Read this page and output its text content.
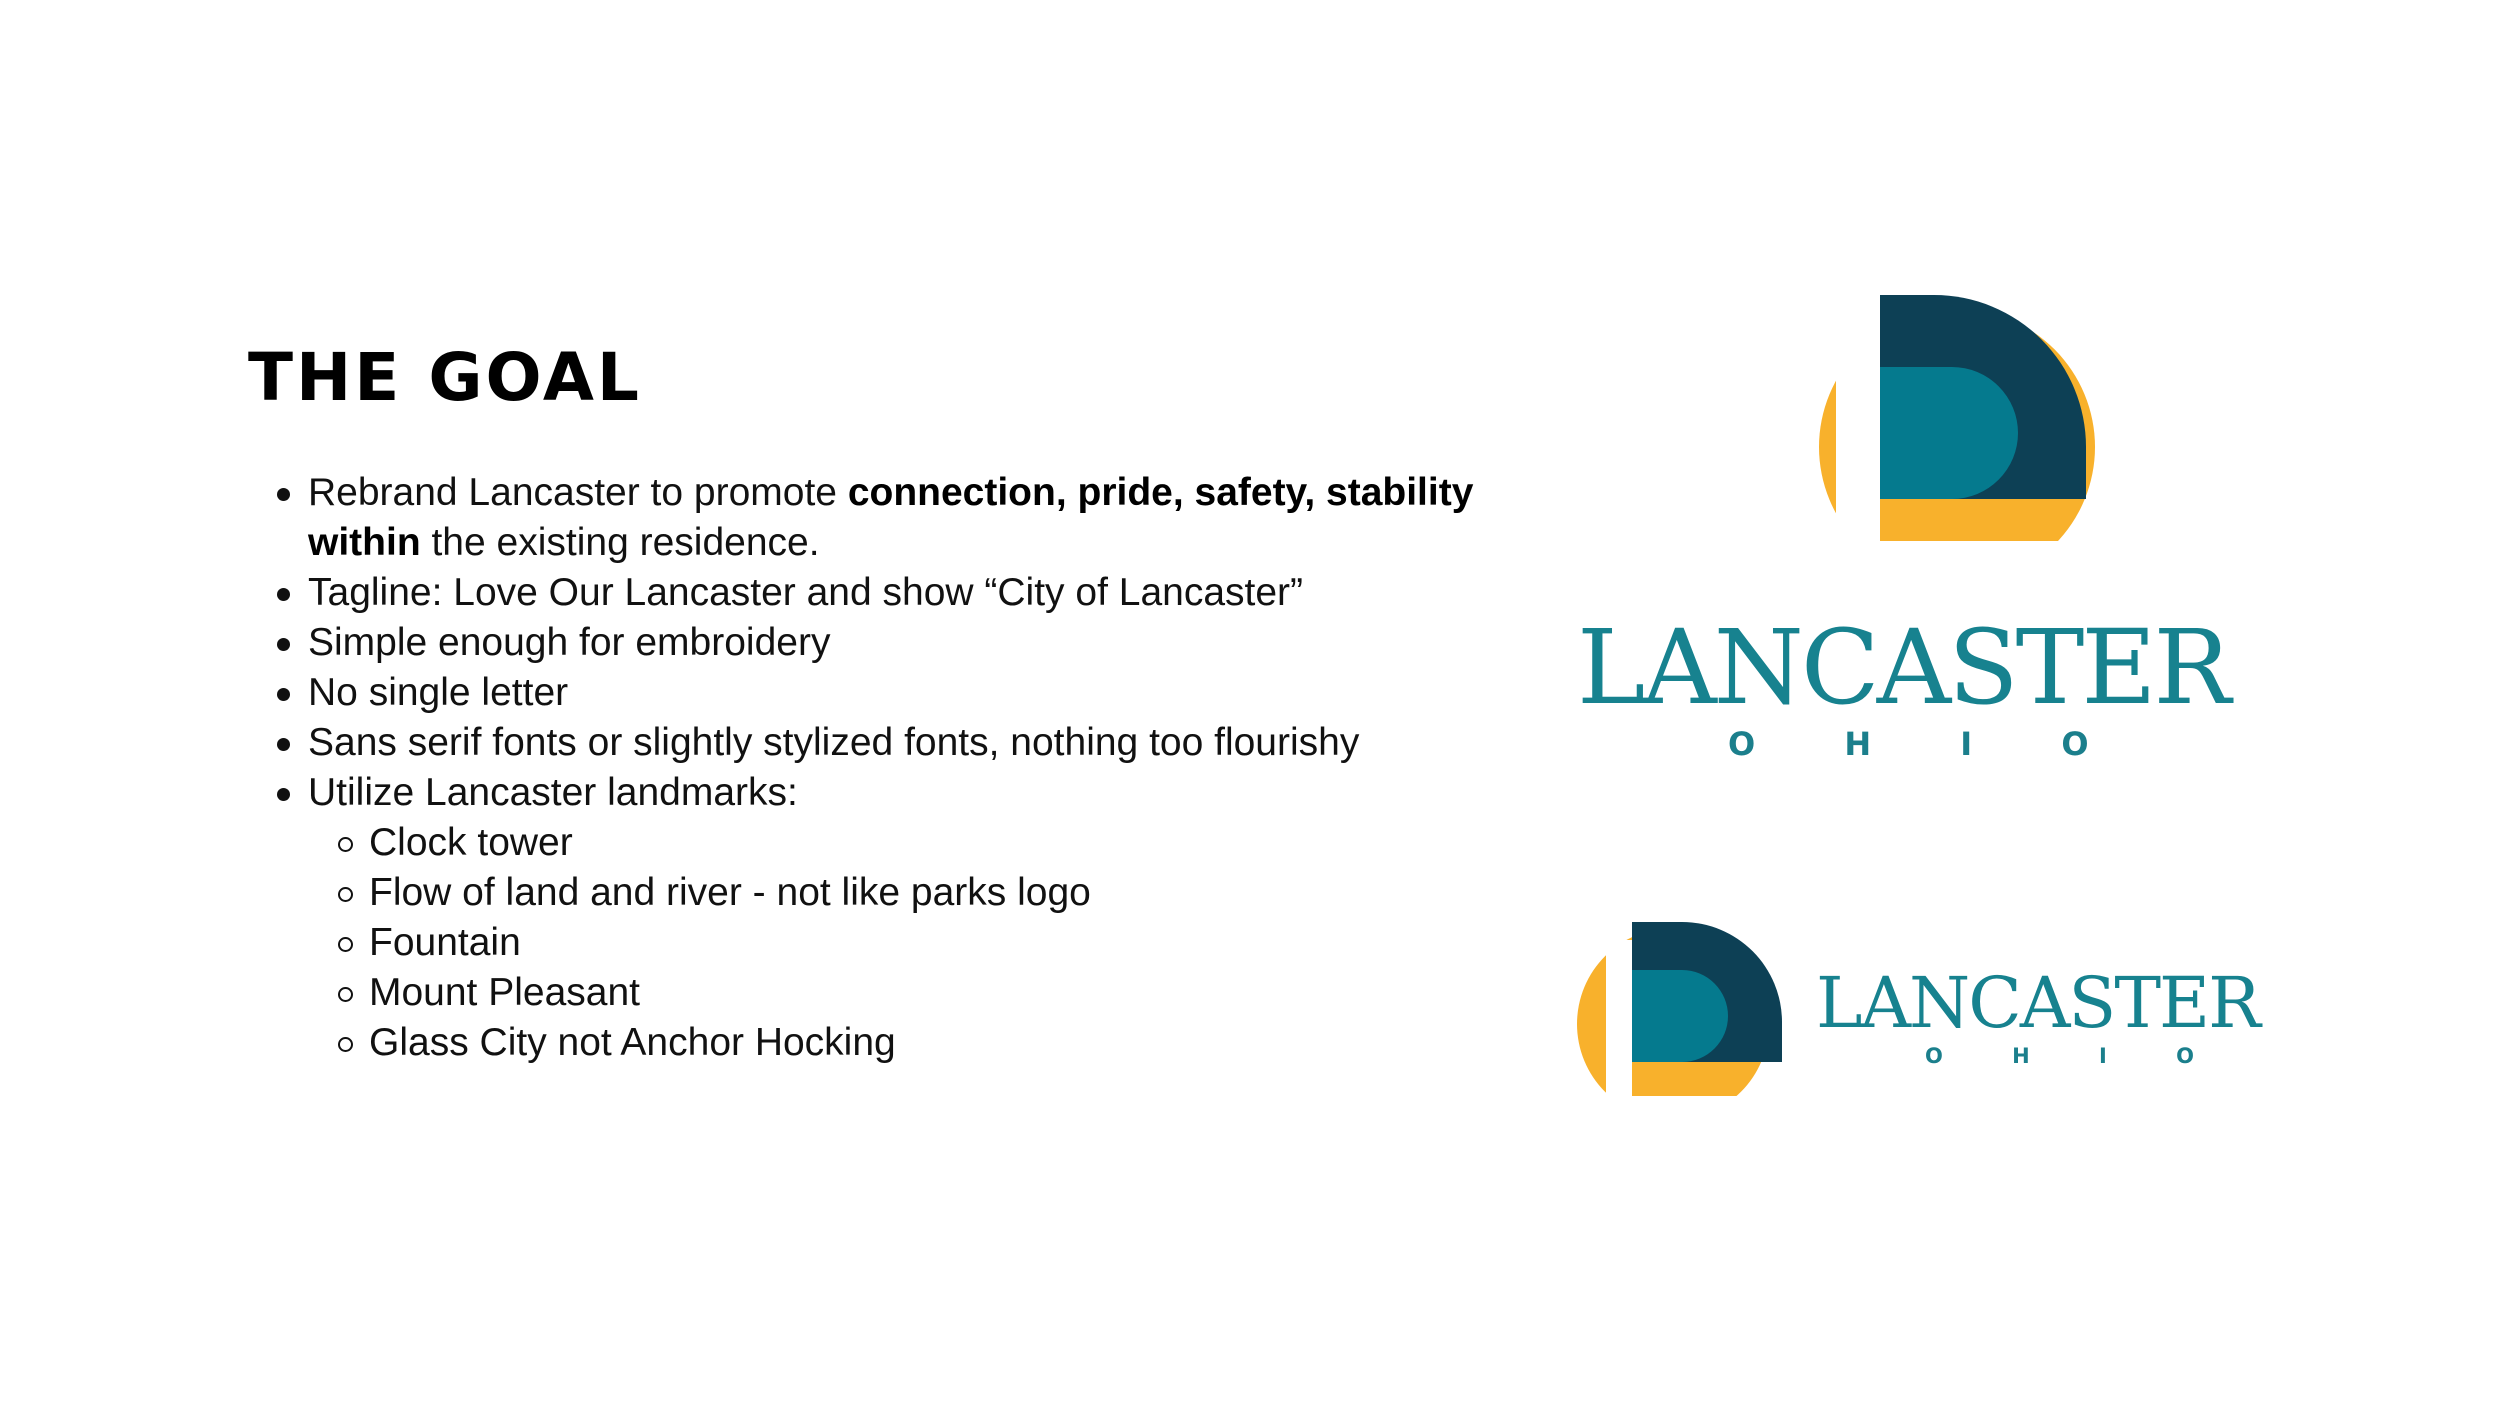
THE GOAL
Rebrand Lancaster to promote connection, pride, safety, stability within the existing residence.
Tagline: Love Our Lancaster and show “City of Lancaster”
Simple enough for embroidery
No single letter
Sans serif fonts or slightly stylized fonts, nothing too flourishy
Utilize Lancaster landmarks:
Clock tower
Flow of land and river - not like parks logo
Fountain
Mount Pleasant
Glass City not Anchor Hocking
LANCASTER
O H I O
LANCASTER
O H I O
